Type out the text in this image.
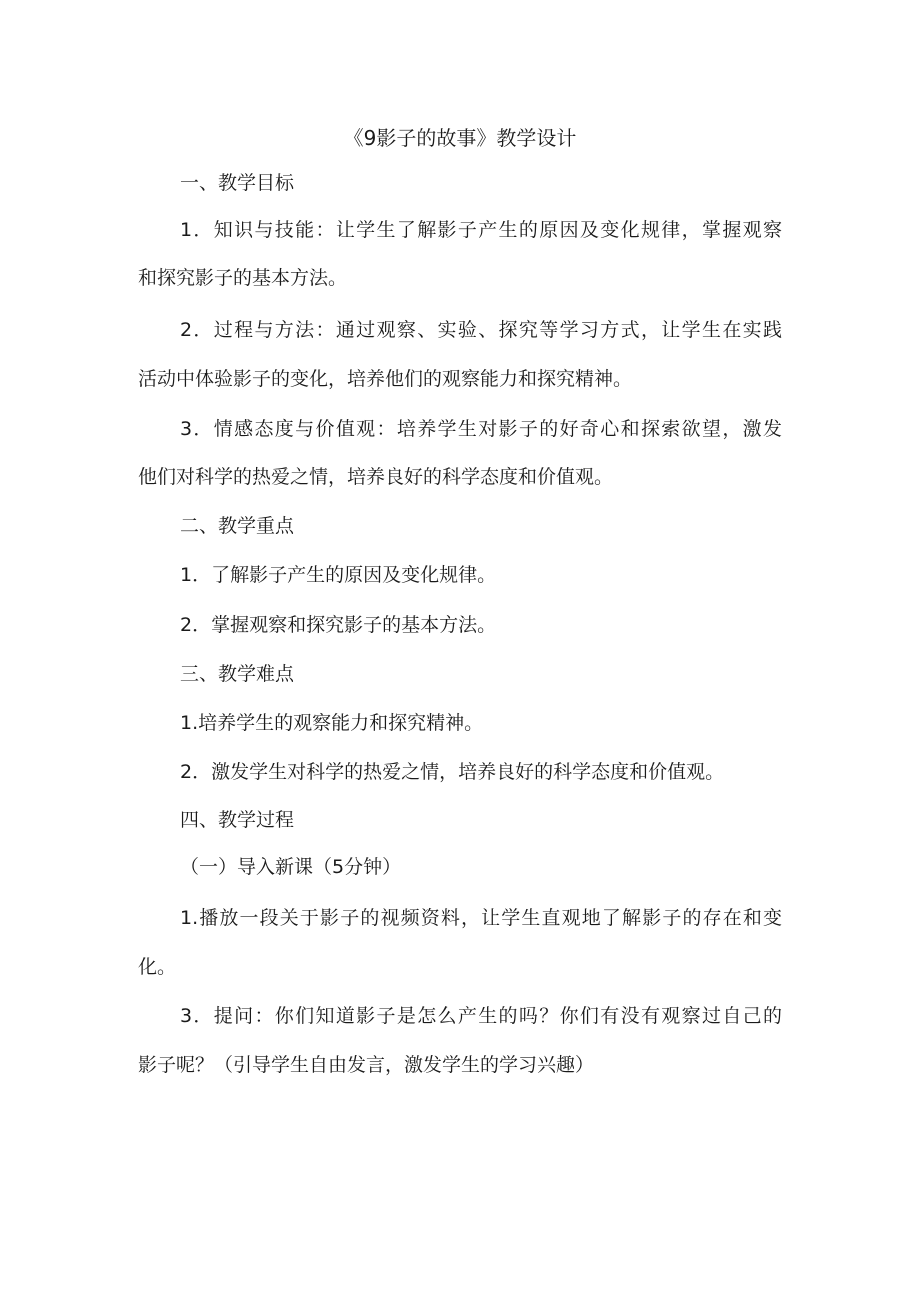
《9影子的故事》教学设计
一、教学目标
1．知识与技能：让学生了解影子产生的原因及变化规律，掌握观察
和探究影子的基本方法。
2．过程与方法：通过观察、实验、探究等学习方式，让学生在实践
活动中体验影子的变化，培养他们的观察能力和探究精神。
3．情感态度与价值观：培养学生对影子的好奇心和探索欲望，激发
他们对科学的热爱之情，培养良好的科学态度和价值观。
二、教学重点
1．了解影子产生的原因及变化规律。
2．掌握观察和探究影子的基本方法。
三、教学难点
1.培养学生的观察能力和探究精神。
2．激发学生对科学的热爱之情，培养良好的科学态度和价值观。
四、教学过程
（一）导入新课（5分钟）
1.播放一段关于影子的视频资料，让学生直观地了解影子的存在和变
化。
3．提问：你们知道影子是怎么产生的吗？你们有没有观察过自己的
影子呢？（引导学生自由发言，激发学生的学习兴趣）
